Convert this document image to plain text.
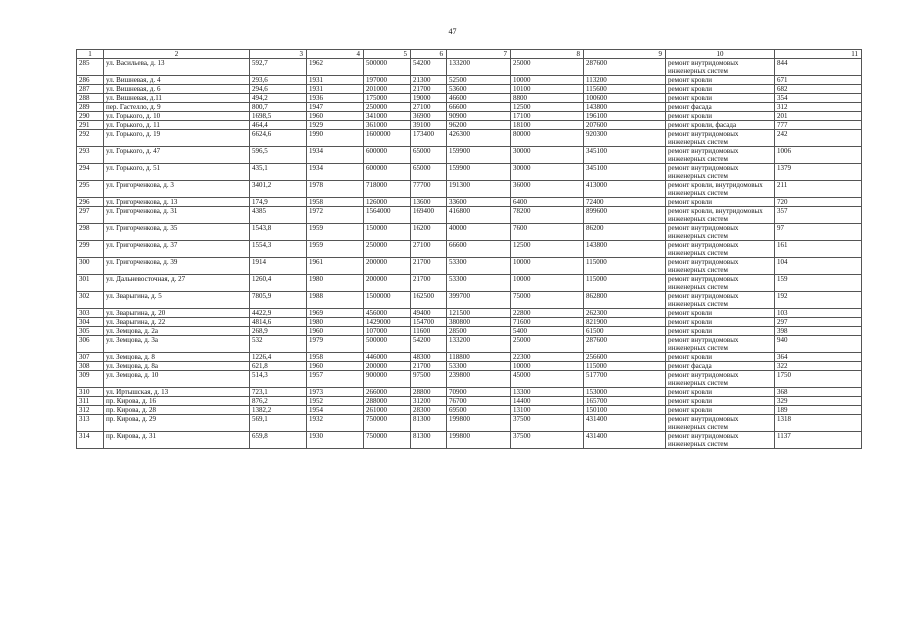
47
1	2	3	4	5	6	7	8	9	10	11
285	ул. Васильева, д. 13	592,7	1962	500000	54200	133200	25000	287600	ремонт внутридомовых инженерных систем	844
286	ул. Вишневая, д. 4	293,6	1931	197000	21300	52500	10000	113200	ремонт кровли	671
287	ул. Вишневая, д. 6	294,6	1931	201000	21700	53600	10100	115600	ремонт кровли	682
288	ул. Вишневая, д.11	494,2	1936	175000	19000	46600	8800	100600	ремонт кровли	354
289	пер. Гастелло, д. 9	800,7	1947	250000	27100	66600	12500	143800	ремонт фасада	312
290	ул. Горького, д. 10	1698,5	1960	341000	36900	90900	17100	196100	ремонт кровли	201
291	ул. Горького, д. 11	464,4	1929	361000	39100	96200	18100	207600	ремонт кровли, фасада	777
292	ул. Горького, д. 19	6624,6	1990	1600000	173400	426300	80000	920300	ремонт внутридомовых инженерных систем	242
293	ул. Горького, д. 47	596,5	1934	600000	65000	159900	30000	345100	ремонт внутридомовых инженерных систем	1006
294	ул. Горького, д. 51	435,1	1934	600000	65000	159900	30000	345100	ремонт внутридомовых инженерных систем	1379
295	ул. Григорченкова, д. 3	3401,2	1978	718000	77700	191300	36000	413000	ремонт кровли, внутридомовых инженерных систем	211
296	ул. Григорченкова, д. 13	174,9	1958	126000	13600	33600	6400	72400	ремонт кровли	720
297	ул. Григорченкова, д. 31	4385	1972	1564000	169400	416800	78200	899600	ремонт кровли, внутридомовых инженерных систем	357
298	ул. Григорченкова, д. 35	1543,8	1959	150000	16200	40000	7600	86200	ремонт внутридомовых инженерных систем	97
299	ул. Григорченкова, д. 37	1554,3	1959	250000	27100	66600	12500	143800	ремонт внутридомовых инженерных систем	161
300	ул. Григорченкова, д. 39	1914	1961	200000	21700	53300	10000	115000	ремонт внутридомовых инженерных систем	104
301	ул. Дальневосточная, д. 27	1260,4	1980	200000	21700	53300	10000	115000	ремонт внутридомовых инженерных систем	159
302	ул. Зварыгина, д. 5	7805,9	1988	1500000	162500	399700	75000	862800	ремонт внутридомовых инженерных систем	192
303	ул. Зварыгина, д. 20	4422,9	1969	456000	49400	121500	22800	262300	ремонт кровли	103
304	ул. Зварыгина, д. 22	4814,6	1980	1429000	154700	380800	71600	821900	ремонт кровли	297
305	ул. Земцова, д. 2а	268,9	1960	107000	11600	28500	5400	61500	ремонт кровли	398
306	ул. Земцова, д. 3а	532	1979	500000	54200	133200	25000	287600	ремонт внутридомовых инженерных систем	940
307	ул. Земцова, д. 8	1226,4	1958	446000	48300	118800	22300	256600	ремонт кровли	364
308	ул. Земцова, д. 8а	621,8	1960	200000	21700	53300	10000	115000	ремонт фасада	322
309	ул. Земцова, д. 10	514,3	1957	900000	97500	239800	45000	517700	ремонт внутридомовых инженерных систем	1750
310	ул. Иртышская, д. 13	723,1	1973	266000	28800	70900	13300	153000	ремонт кровли	368
311	пр. Кирова, д. 16	876,2	1952	288000	31200	76700	14400	165700	ремонт кровли	329
312	пр. Кирова, д. 28	1382,2	1954	261000	28300	69500	13100	150100	ремонт кровли	189
313	пр. Кирова, д. 29	569,1	1932	750000	81300	199800	37500	431400	ремонт внутридомовых инженерных систем	1318
314	пр. Кирова, д. 31	659,8	1930	750000	81300	199800	37500	431400	ремонт внутридомовых инженерных систем	1137
